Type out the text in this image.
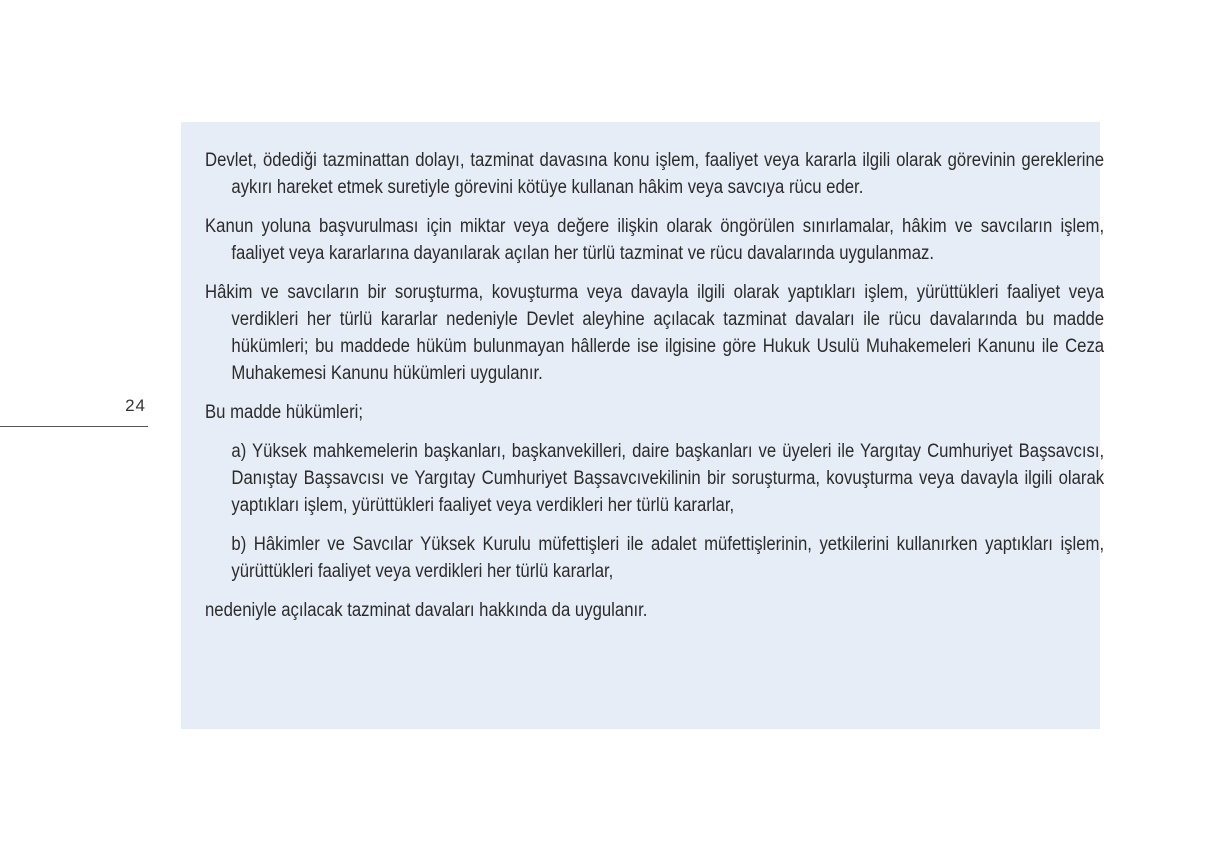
24

Devlet, ödediği tazminattan dolayı, tazminat davasına konu işlem, faaliyet veya kararla ilgili olarak görevinin gereklerine aykırı hareket etmek suretiyle görevini kötüye kullanan hâkim veya savcıya rücu eder.

Kanun yoluna başvurulması için miktar veya değere ilişkin olarak öngörülen sınırlamalar, hâkim ve savcıların işlem, faaliyet veya kararlarına dayanılarak açılan her türlü tazminat ve rücu davalarında uygulanmaz.

Hâkim ve savcıların bir soruşturma, kovuşturma veya davayla ilgili olarak yaptıkları işlem, yürüttükleri faaliyet veya verdikleri her türlü kararlar nedeniyle Devlet aleyhine açılacak tazminat davaları ile rücu davalarında bu madde hükümleri; bu maddede hüküm bulunmayan hâllerde ise ilgisine göre Hukuk Usulü Muhakemeleri Kanunu ile Ceza Muhakemesi Kanunu hükümleri uygulanır.

Bu madde hükümleri;

a) Yüksek mahkemelerin başkanları, başkanvekilleri, daire başkanları ve üyeleri ile Yargıtay Cumhuriyet Başsavcısı, Danıştay Başsavcısı ve Yargıtay Cumhuriyet Başsavcıvekilinin bir soruşturma, kovuşturma veya davayla ilgili olarak yaptıkları işlem, yürüttükleri faaliyet veya verdikleri her türlü kararlar,

b) Hâkimler ve Savcılar Yüksek Kurulu müfettişleri ile adalet müfettişlerinin, yetkilerini kullanırken yaptıkları işlem, yürüttükleri faaliyet veya verdikleri her türlü kararlar,

nedeniyle açılacak tazminat davaları hakkında da uygulanır.
